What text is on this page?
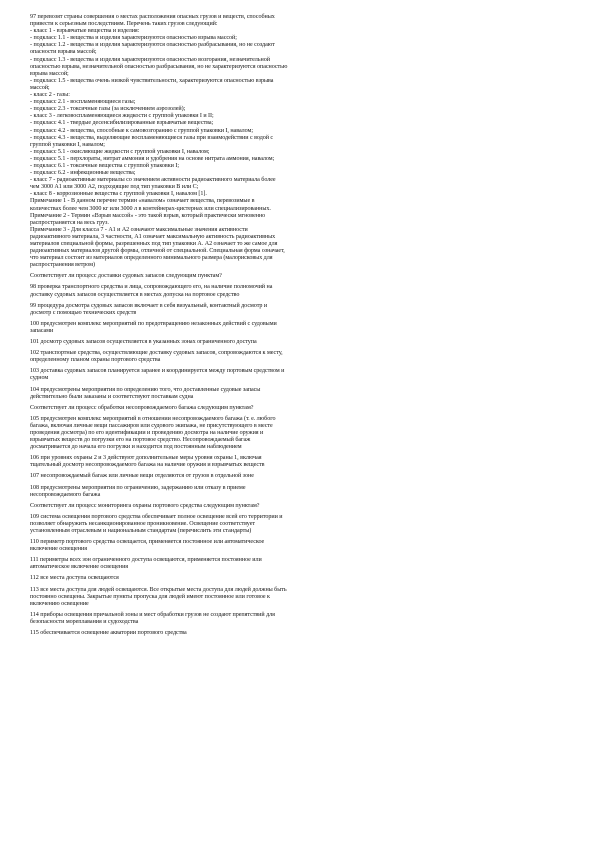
97 перевозят страны совершения о местах расположения опасных грузов и веществ, способных

привести к серьезным последствиям. Перечень таких грузов следующий:

- класс 1 - взрывчатые вещества и изделия:

- подкласс 1.1 - вещества и изделия характеризуются опасностью взрыва массой;

- подкласс 1.2 - вещества и изделия характеризуются опасностью разбрасывания, но не создают

опасности взрыва массой;

- подкласс 1.3 - вещества и изделия характеризуются опасностью возгорания, незначительной

опасностью взрыва, незначительной опасностью разбрасывания, но не характеризуются опасностью

взрыва массой;

- подкласс 1.5 - вещества очень низкой чувствительности, характеризуются опасностью взрыва

массой;

- класс 2 - газы:

- подкласс 2.1 - воспламеняющиеся газы;

- подкласс 2.3 - токсичные газы (за исключением аэрозолей);

- класс 3 - легковоспламеняющиеся жидкости с группой упаковки I и II;

- подкласс 4.1 - твердые десенсибилизированные взрывчатые вещества;

- подкласс 4.2 - вещества, способные к самовозгоранию с группой упаковки I, навалом;

- подкласс 4.3 - вещества, выделяющие воспламеняющиеся газы при взаимодействии с водой с

группой упаковки I, навалом;

- подкласс 5.1 - окисляющие жидкости с группой упаковки I, навалом;

- подкласс 5.1 - перхлораты, нитрат аммония и удобрения на основе нитрата аммония, навалом;

- подкласс 6.1 - токсичные вещества с группой упаковки I;

- подкласс 6.2 - инфекционные вещества;

- класс 7 - радиоактивные материалы со значением активности радиоактивного материала более

чем 3000 А1 или 3000 А2, подходящие под тип упаковки В или С;

- класс 8 - коррозионные вещества с группой упаковки I, навалом [1].

Примечание 1 - В данном перечне термин «навалом» означает вещества, перевозимые в

количествах более чем 3000 кг или 3000 л в контейнерах-цистернах или специализированных.

Примечание 2 - Термин «Взрыв массой» - это такой взрыв, который практически мгновенно

распространяется на весь груз.

Примечание 3 - Для класса 7 - А1 и А2 означают максимальные значения активности

радиоактивного материала, 3 частности, А1 означает максимальную активность радиоактивных

материалов специальной формы, разрешенных под тип упаковки А. А2 означает то же самое для

радиоактивных материалов другой формы, отличной от специальной. Специальная форма означает,

что материал состоит из материалов определенного минимального размера (малорисковых для

распространения ветром)

Соответствует ли процесс доставки судовых запасов следующим пунктам?

98 проверка транспортного средства и лица, сопровождающего его, на наличие полномочий на

доставку судовых запасов осуществляется в местах допуска на портовое средство

99 процедура досмотра судовых запасов включает в себя визуальный, контактный досмотр и

досмотр с помощью технических средств

100 предусмотрен комплекс мероприятий по предотвращению незаконных действий с судовыми

запасами

101 досмотр судовых запасов осуществляется в указанных зонах ограниченного доступа

102 транспортные средства, осуществляющие доставку судовых запасов, сопровождаются к месту,

определенному планом охраны портового средства

103 доставка судовых запасов планируется заранее и координируется между портовым средством и

судном

104 предусмотрены мероприятия по определению того, что доставленные судовые запасы

действительно были заказаны и соответствуют поставкам судна

Соответствует ли процесс обработки несопровождаемого багажа следующим пунктам?

105 предусмотрен комплекс мероприятий в отношении несопровождаемого багажа (т. е. любого

багажа, включая личные вещи пассажиров или судового экипажа, не присутствующего в месте

проведения досмотра) по его идентификации и проведению досмотра на наличие оружия и

взрывчатых веществ до погрузки его на портовое средство. Несопровождаемый багаж

досматривается до начала его погрузки и находится под постоянным наблюдением

106 при уровнях охраны 2 и 3 действуют дополнительные меры уровня охраны 1, включая

тщательный досмотр несопровождаемого багажа на наличие оружия и взрывчатых веществ

107 несопровождаемый багаж или личные вещи отделяются от грузов в отдельной зоне

108 предусмотрены мероприятия по ограничению, задержанию или отказу в приеме

несопровождаемого багажа

Соответствует ли процесс мониторинга охраны портового средства следующим пунктам?

109 система освещения портового средства обеспечивает полное освещение всей его территории и

позволяет обнаружить несанкционированное проникновение. Освещение соответствует

установленным отраслевым и национальным стандартам (перечислить эти стандарты)

110 периметр портового средства освещается, применяется постоянное или автоматическое

включение освещения

111 периметры всех зон ограниченного доступа освещаются, применяется постоянное или

автоматическое включение освещения

112 все места доступа освещаются

113 все места доступа для людей освещаются. Все открытые места доступа для людей должны быть

постоянно освещены. Закрытые пункты пропуска для людей имеют постоянное или готовое к

включению освещение

114 приборы освещения причальной зоны и мест обработки грузов не создают препятствий для

безопасности мореплавания и судоходства

115 обеспечивается освещение акватории портового средства
